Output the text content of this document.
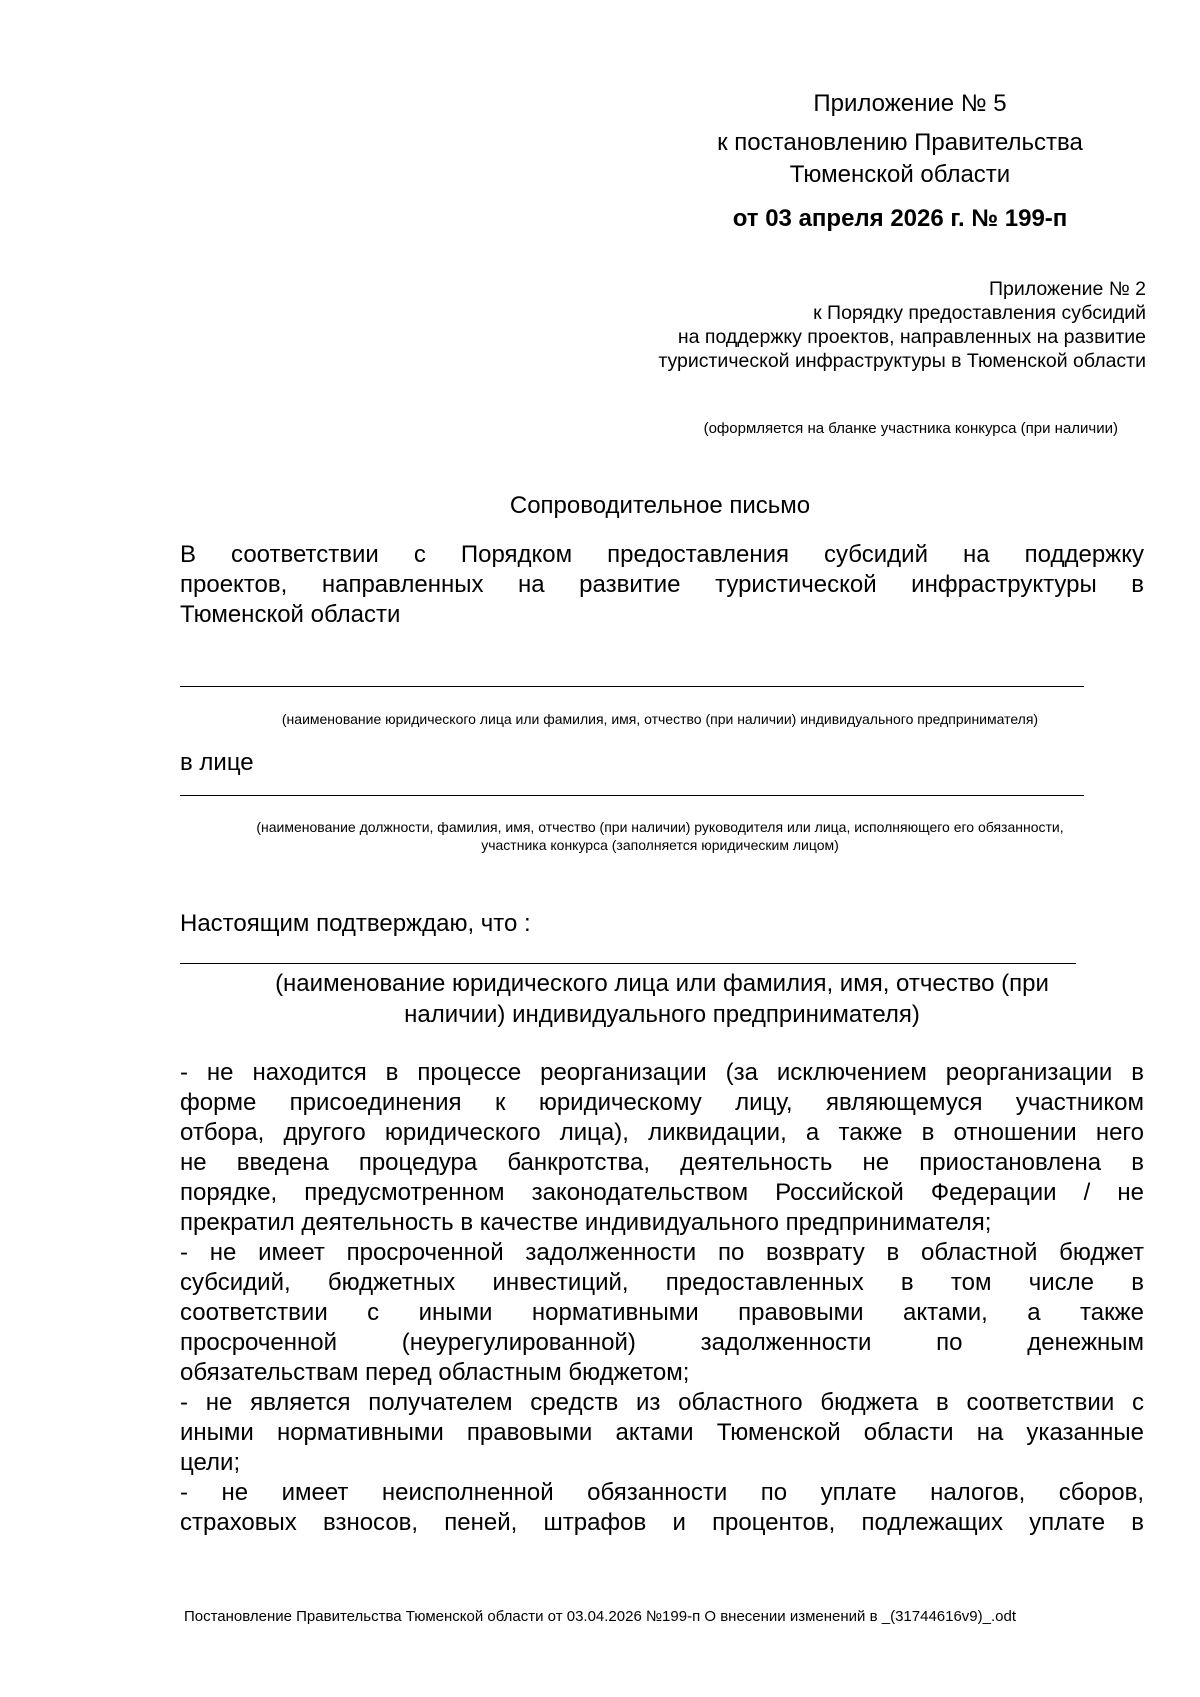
Приложение № 5
к постановлению Правительства
Тюменской области
от 03 апреля 2026 г. № 199-п
Приложение № 2
к Порядку предоставления субсидий
на поддержку проектов, направленных на развитие
туристической инфраструктуры в Тюменской области
(оформляется на бланке участника конкурса (при наличии)
Сопроводительное письмо
В соответствии с Порядком предоставления субсидий на поддержку
проектов, направленных на развитие туристической инфраструктуры в
Тюменской области
(наименование юридического лица или фамилия, имя, отчество (при наличии) индивидуального предпринимателя)
в лице
(наименование должности, фамилия, имя, отчество (при наличии) руководителя или лица, исполняющего его обязанности,
участника конкурса (заполняется юридическим лицом)
Настоящим подтверждаю, что :
(наименование юридического лица или фамилия, имя, отчество (при
наличии) индивидуального предпринимателя)
- не находится в процессе реорганизации (за исключением реорганизации в
форме присоединения к юридическому лицу, являющемуся участником
отбора, другого юридического лица), ликвидации, а также в отношении него
не введена процедура банкротства, деятельность не приостановлена в
порядке, предусмотренном законодательством Российской Федерации / не
прекратил деятельность в качестве индивидуального предпринимателя;
- не имеет просроченной задолженности по возврату в областной бюджет
субсидий, бюджетных инвестиций, предоставленных в том числе в
соответствии с иными нормативными правовыми актами, а также
просроченной (неурегулированной) задолженности по денежным
обязательствам перед областным бюджетом;
- не является получателем средств из областного бюджета в соответствии с
иными нормативными правовыми актами Тюменской области на указанные
цели;
- не имеет неисполненной обязанности по уплате налогов, сборов,
страховых взносов, пеней, штрафов и процентов, подлежащих уплате в
Постановление Правительства Тюменской области от 03.04.2026 №199-п О внесении изменений в _(31744616v9)_.odt
